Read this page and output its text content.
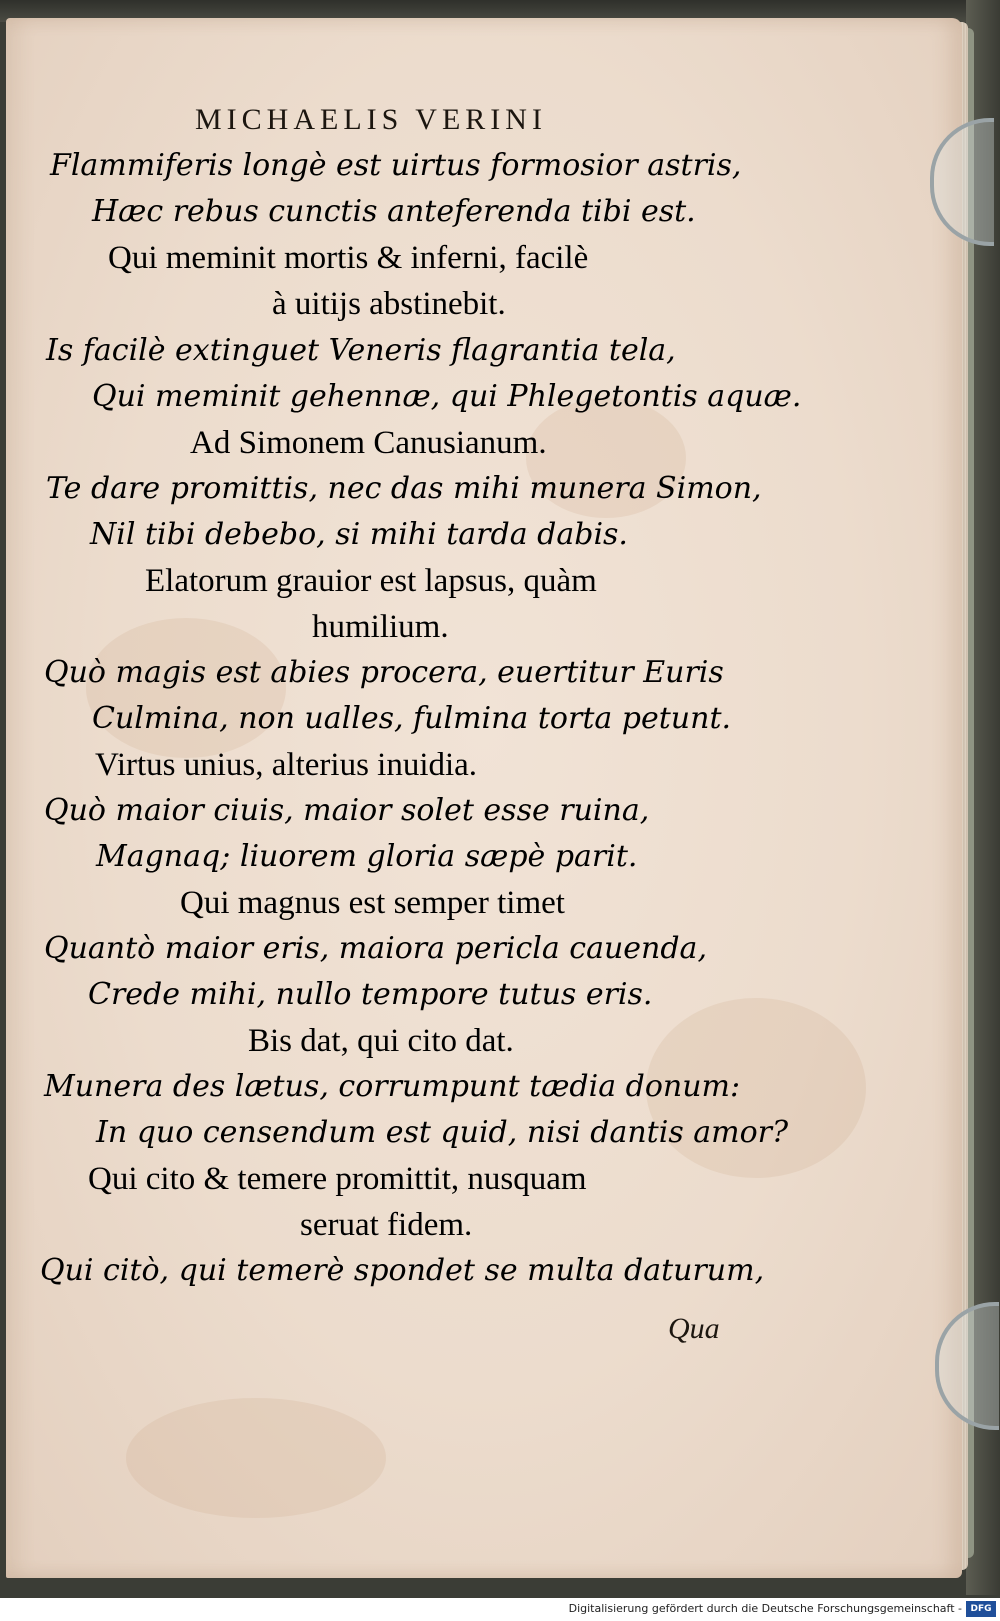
MICHAELIS VERINI
Flammiferis longè est uirtus formosior astris,
Hæc rebus cunctis anteferenda tibi est.
Qui meminit mortis & inferni, facilè
à uitijs abstinebit.
Is facilè extinguet Veneris flagrantia tela,
Qui meminit gehennæ, qui Phlegetontis aquæ.
Ad Simonem Canusianum.
Te dare promittis, nec das mihi munera Simon,
Nil tibi debebo, si mihi tarda dabis.
Elatorum grauior est lapsus, quàm
humilium.
Quò magis est abies procera, euertitur Euris
Culmina, non ualles, fulmina torta petunt.
Virtus unius, alterius inuidia.
Quò maior ciuis, maior solet esse ruina,
Magnaq; liuorem gloria sæpè parit.
Qui magnus est semper timet
Quantò maior eris, maiora pericla cauenda,
Crede mihi, nullo tempore tutus eris.
Bis dat, qui cito dat.
Munera des lætus, corrumpunt tædia donum:
In quo censendum est quid, nisi dantis amor?
Qui cito & temere promittit, nusquam
seruat fidem.
Qui citò, qui temerè spondet se multa daturum,
Qua
Digitalisierung gefördert durch die Deutsche Forschungsgemeinschaft - DFG
